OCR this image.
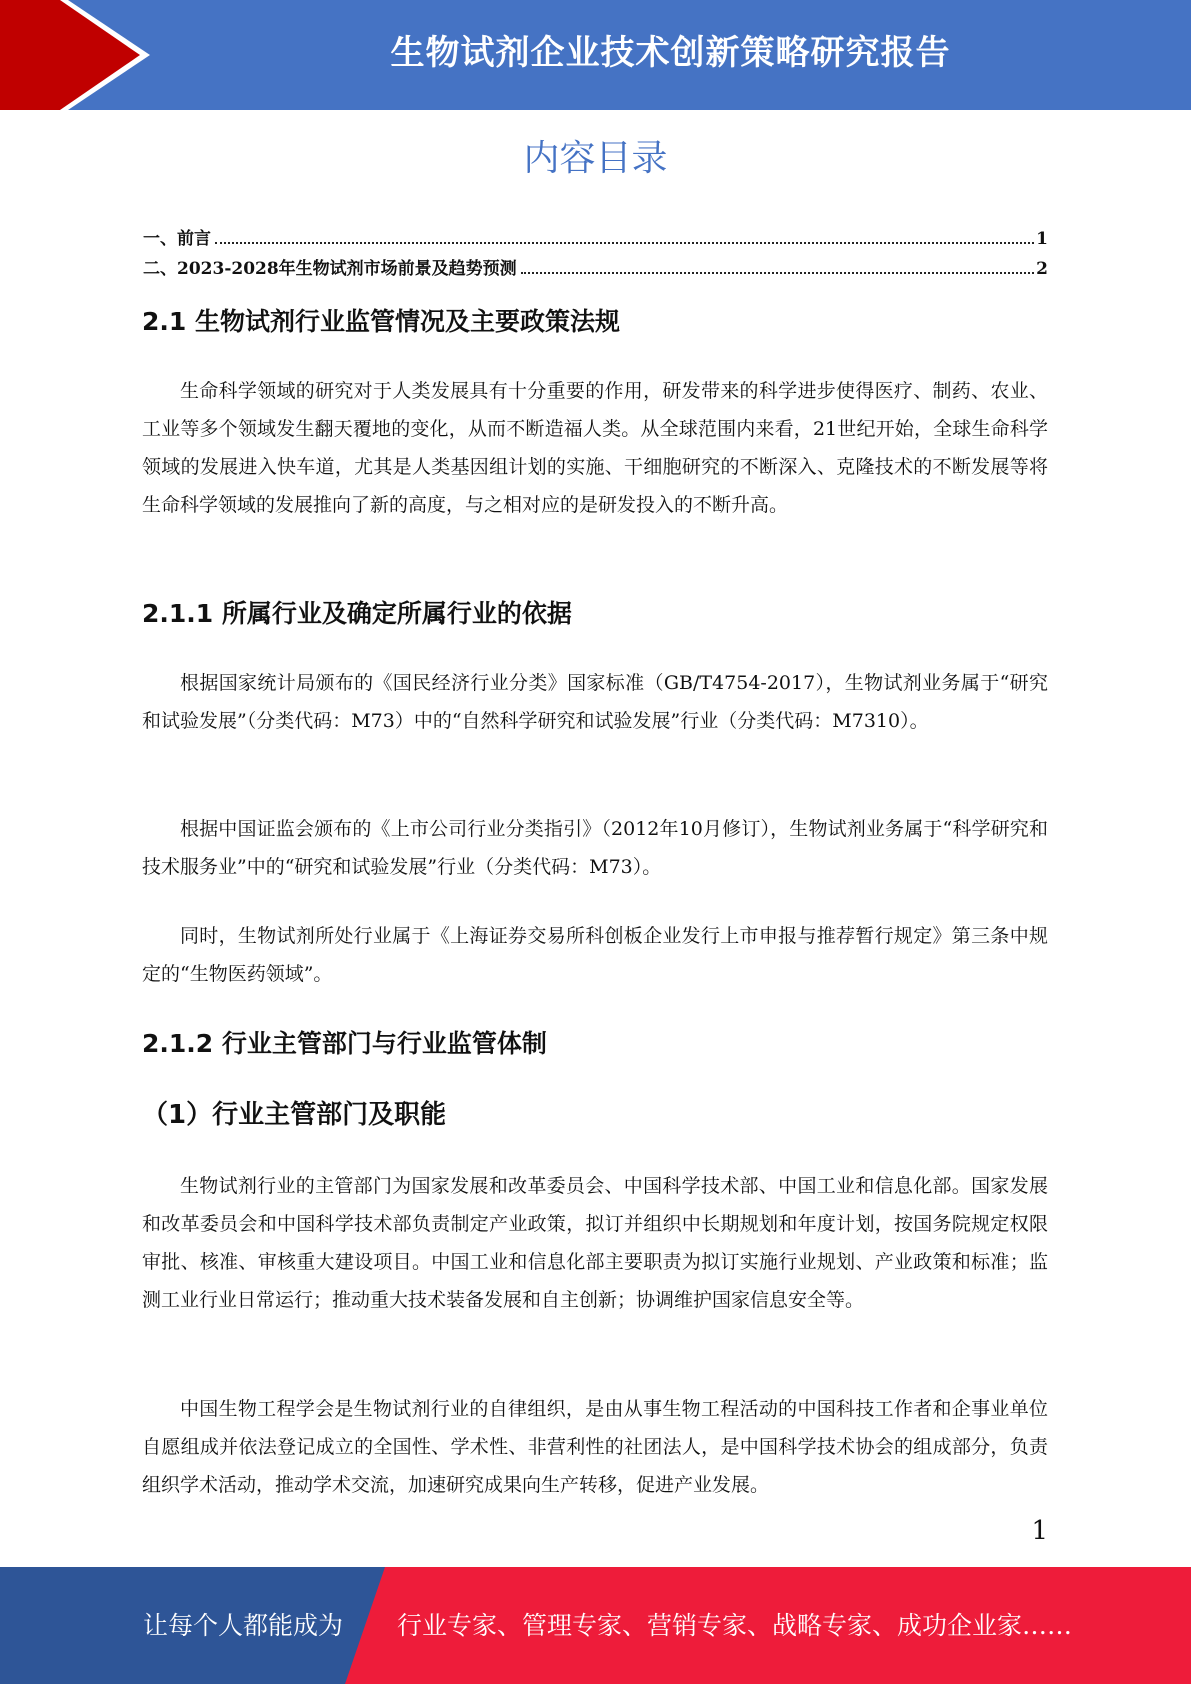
生物试剂企业技术创新策略研究报告
内容目录
一、前言	1
二、2023-2028年生物试剂市场前景及趋势预测	2
2.1 生物试剂行业监管情况及主要政策法规

生命科学领域的研究对于人类发展具有十分重要的作用，研发带来的科学进步使得医疗、制药、农业、工业等多个领域发生翻天覆地的变化，从而不断造福人类。从全球范围内来看，21世纪开始，全球生命科学领域的发展进入快车道，尤其是人类基因组计划的实施、干细胞研究的不断深入、克隆技术的不断发展等将生命科学领域的发展推向了新的高度，与之相对应的是研发投入的不断升高。

2.1.1 所属行业及确定所属行业的依据

根据国家统计局颁布的《国民经济行业分类》国家标准（GB/T4754-2017），生物试剂业务属于“研究和试验发展”（分类代码：M73）中的“自然科学研究和试验发展”行业（分类代码：M7310）。

根据中国证监会颁布的《上市公司行业分类指引》（2012年10月修订），生物试剂业务属于“科学研究和技术服务业”中的“研究和试验发展”行业（分类代码：M73）。

同时，生物试剂所处行业属于《上海证券交易所科创板企业发行上市申报与推荐暂行规定》第三条中规定的“生物医药领域”。

2.1.2 行业主管部门与行业监管体制
（1）行业主管部门及职能

生物试剂行业的主管部门为国家发展和改革委员会、中国科学技术部、中国工业和信息化部。国家发展和改革委员会和中国科学技术部负责制定产业政策，拟订并组织中长期规划和年度计划，按国务院规定权限审批、核准、审核重大建设项目。中国工业和信息化部主要职责为拟订实施行业规划、产业政策和标准；监测工业行业日常运行；推动重大技术装备发展和自主创新；协调维护国家信息安全等。

中国生物工程学会是生物试剂行业的自律组织，是由从事生物工程活动的中国科技工作者和企事业单位自愿组成并依法登记成立的全国性、学术性、非营利性的社团法人，是中国科学技术协会的组成部分，负责组织学术活动，推动学术交流，加速研究成果向生产转移，促进产业发展。

1
让每个人都能成为 行业专家、管理专家、营销专家、战略专家、成功企业家……
